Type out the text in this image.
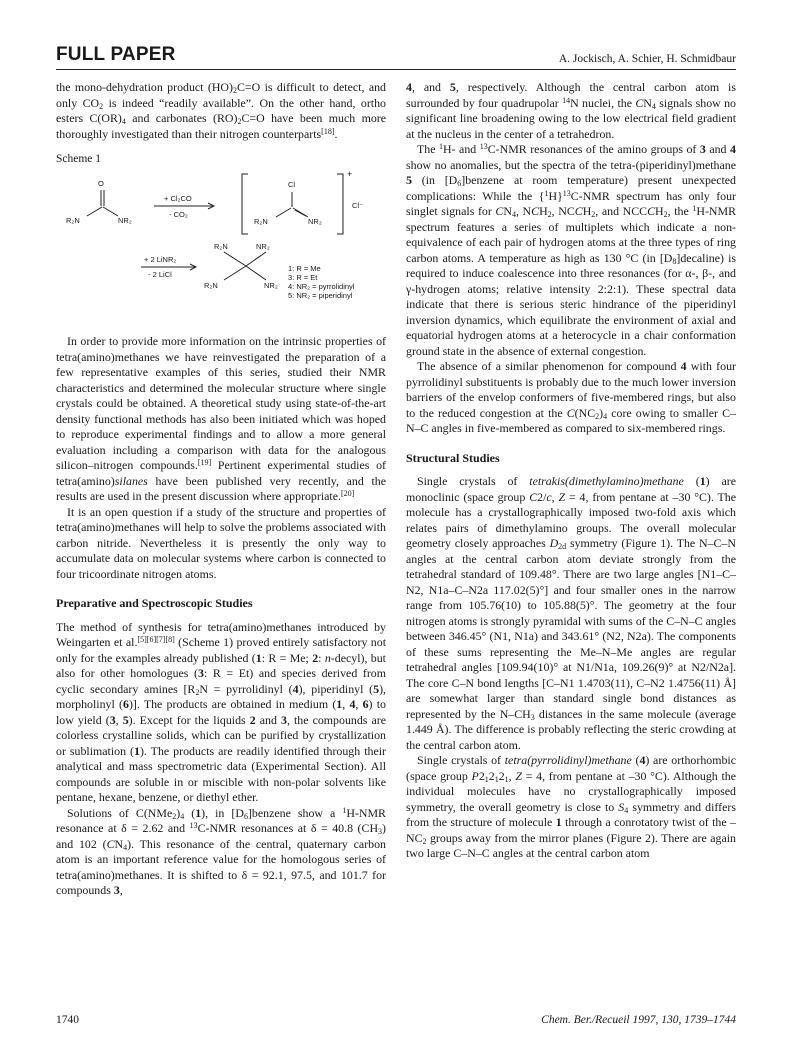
FULL PAPER	A. Jockisch, A. Schier, H. Schmidbaur

the mono-dehydration product $(HO)_2C=O$ is difficult to detect, and only $CO_2$ is indeed “readily available”. On the other hand, ortho esters $C(OR)_4$ and carbonates $(RO)_2C=O$ have been much more thoroughly investigated than their nitrogen counterparts[18].

Scheme 1
O
R₂N	NR₂
+ Cl₂CO
- CO₂
Cl
+
Cl⁻
R₂N	NR₂
+ 2 LiNR₂
- 2 LiCl
R₂N	NR₂
R₂N	NR₂
1: R = Me
3: R = Et
4: NR₂ = pyrrolidinyl
5: NR₂ = piperidinyl

In order to provide more information on the intrinsic properties of tetra(amino)methanes we have reinvestigated the preparation of a few representative examples of this series, studied their NMR characteristics and determined the molecular structure where single crystals could be obtained. A theoretical study using state-of-the-art density functional methods has also been initiated which was hoped to reproduce experimental findings and to allow a more general evaluation including a comparison with data for the analogous silicon–nitrogen compounds.[19] Pertinent experimental studies of tetra(amino)silanes have been published very recently, and the results are used in the present discussion where appropriate.[20]

It is an open question if a study of the structure and properties of tetra(amino)methanes will help to solve the problems associated with carbon nitride. Nevertheless it is presently the only way to accumulate data on molecular systems where carbon is connected to four tricoordinate nitrogen atoms.

Preparative and Spectroscopic Studies

The method of synthesis for tetra(amino)methanes introduced by Weingarten et al.[5][6][7][8] (Scheme 1) proved entirely satisfactory not only for the examples already published (1: R = Me; 2: n-decyl), but also for other homologues (3: R = Et) and species derived from cyclic secondary amines [$R_2N$ = pyrrolidinyl (4), piperidinyl (5), morpholinyl (6)]. The products are obtained in medium (1, 4, 6) to low yield (3, 5). Except for the liquids 2 and 3, the compounds are colorless crystalline solids, which can be purified by crystallization or sublimation (1). The products are readily identified through their analytical and mass spectrometric data (Experimental Section). All compounds are soluble in or miscible with non-polar solvents like pentane, hexane, benzene, or diethyl ether.

Solutions of $C(NMe_2)_4$ (1), in $[D_6]benzene$ show a $^1$H-NMR resonance at δ = 2.62 and $^{13}$C-NMR resonances at δ = 40.8 $(CH_3)$ and 102 $(CN_4)$. This resonance of the central, quaternary carbon atom is an important reference value for the homologous series of tetra(amino)methanes. It is shifted to δ = 92.1, 97.5, and 101.7 for compounds 3,

4, and 5, respectively. Although the central carbon atom is surrounded by four quadrupolar $^{14}$N nuclei, the $CN_4$ signals show no significant line broadening owing to the low electrical field gradient at the nucleus in the center of a tetrahedron.

The $^1$H- and $^{13}$C-NMR resonances of the amino groups of 3 and 4 show no anomalies, but the spectra of the tetra-(piperidinyl)methane 5 (in $[D_6]benzene$ at room temperature) present unexpected complications: While the $\{^1H\}^{13}C$-NMR spectrum has only four singlet signals for $CN_4$, $NCH_2$, $NCCH_2$, and $NCCCH_2$, the $^1$H-NMR spectrum features a series of multiplets which indicate a non-equivalence of each pair of hydrogen atoms at the three types of ring carbon atoms. A temperature as high as 130 °C (in $[D_8]decaline$) is required to induce coalescence into three resonances (for α-, β-, and γ-hydrogen atoms; relative intensity 2:2:1). These spectral data indicate that there is serious steric hindrance of the piperidinyl inversion dynamics, which equilibrate the environment of axial and equatorial hydrogen atoms at a heterocycle in a chair conformation ground state in the absence of external congestion.

The absence of a similar phenomenon for compound 4 with four pyrrolidinyl substituents is probably due to the much lower inversion barriers of the envelop conformers of five-membered rings, but also to the reduced congestion at the $C(NC_2)_4$ core owing to smaller C–N–C angles in five-membered as compared to six-membered rings.

Structural Studies

Single crystals of tetrakis(dimethylamino)methane (1) are monoclinic (space group C2/c, Z = 4, from pentane at –30 °C). The molecule has a crystallographically imposed two-fold axis which relates pairs of dimethylamino groups. The overall molecular geometry closely approaches $D_{2d}$ symmetry (Figure 1). The N–C–N angles at the central carbon atom deviate strongly from the tetrahedral standard of 109.48°. There are two large angles [N1–C–N2, N1a–C–N2a 117.02(5)°] and four smaller ones in the narrow range from 105.76(10) to 105.88(5)°. The geometry at the four nitrogen atoms is strongly pyramidal with sums of the C–N–C angles between 346.45° (N1, N1a) and 343.61° (N2, N2a). The components of these sums representing the Me–N–Me angles are regular tetrahedral angles [109.94(10)° at N1/N1a, 109.26(9)° at N2/N2a]. The core C–N bond lengths [C–N1 1.4703(11), C–N2 1.4756(11) Å] are somewhat larger than standard single bond distances as represented by the $N-CH_3$ distances in the same molecule (average 1.449 Å). The difference is probably reflecting the steric crowding at the central carbon atom.

Single crystals of tetra(pyrrolidinyl)methane (4) are orthorhombic (space group $P2_12_12_1$, Z = 4, from pentane at –30 °C). Although the individual molecules have no crystallographically imposed symmetry, the overall geometry is close to $S_4$ symmetry and differs from the structure of molecule 1 through a conrotatory twist of the $-NC_2$ groups away from the mirror planes (Figure 2). There are again two large C–N–C angles at the central carbon atom

1740	Chem. Ber./Recueil 1997, 130, 1739–1744
